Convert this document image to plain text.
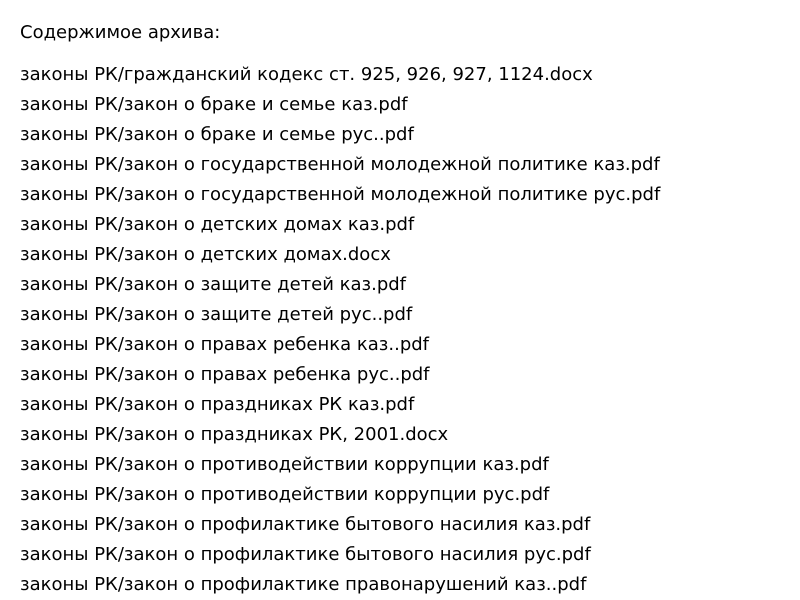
Содержимое архива:
законы РК/гражданский кодекс ст. 925, 926, 927, 1124.docx
законы РК/закон о браке и семье каз.pdf
законы РК/закон о браке и семье рус..pdf
законы РК/закон о государственной молодежной политике каз.pdf
законы РК/закон о государственной молодежной политике рус.pdf
законы РК/закон о детских домах каз.pdf
законы РК/закон о детских домах.docx
законы РК/закон о защите детей каз.pdf
законы РК/закон о защите детей рус..pdf
законы РК/закон о правах ребенка каз..pdf
законы РК/закон о правах ребенка рус..pdf
законы РК/закон о праздниках РК каз.pdf
законы РК/закон о праздниках РК, 2001.docx
законы РК/закон о противодействии коррупции каз.pdf
законы РК/закон о противодействии коррупции рус.pdf
законы РК/закон о профилактике бытового насилия каз.pdf
законы РК/закон о профилактике бытового насилия рус.pdf
законы РК/закон о профилактике правонарушений каз..pdf
